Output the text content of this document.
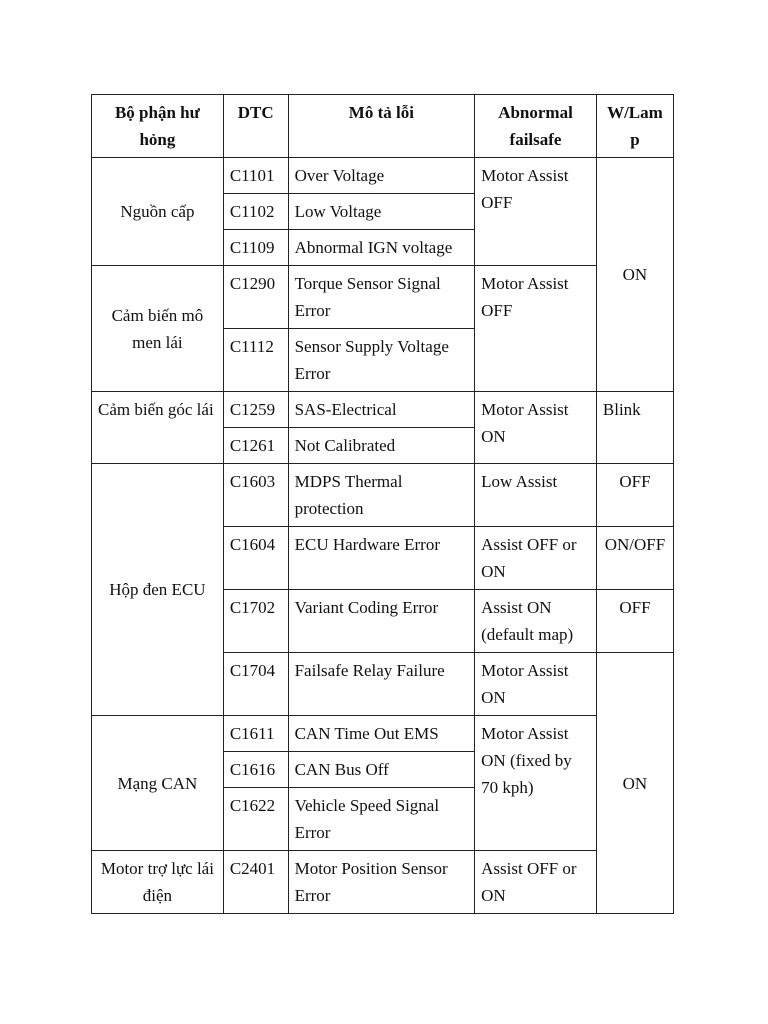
Bộ phận hư hỏng	DTC	Mô tả lỗi	Abnormal failsafe	W/Lamp
Nguồn cấp	C1101	Over Voltage	Motor Assist OFF	ON
	C1102	Low Voltage		
	C1109	Abnormal IGN voltage		
Cảm biến mô men lái	C1290	Torque Sensor Signal Error	Motor Assist OFF	
	C1112	Sensor Supply Voltage Error		
Cảm biến góc lái	C1259	SAS-Electrical	Motor Assist ON	Blink
	C1261	Not Calibrated		
Hộp đen ECU	C1603	MDPS Thermal protection	Low Assist	OFF
	C1604	ECU Hardware Error	Assist OFF or ON	ON/OFF
	C1702	Variant Coding Error	Assist ON (default map)	OFF
	C1704	Failsafe Relay Failure	Motor Assist ON	ON
Mạng CAN	C1611	CAN Time Out EMS	Motor Assist ON (fixed by 70 kph)	
	C1616	CAN Bus Off		
	C1622	Vehicle Speed Signal Error		
Motor trợ lực lái điện	C2401	Motor Position Sensor Error	Assist OFF or ON	
